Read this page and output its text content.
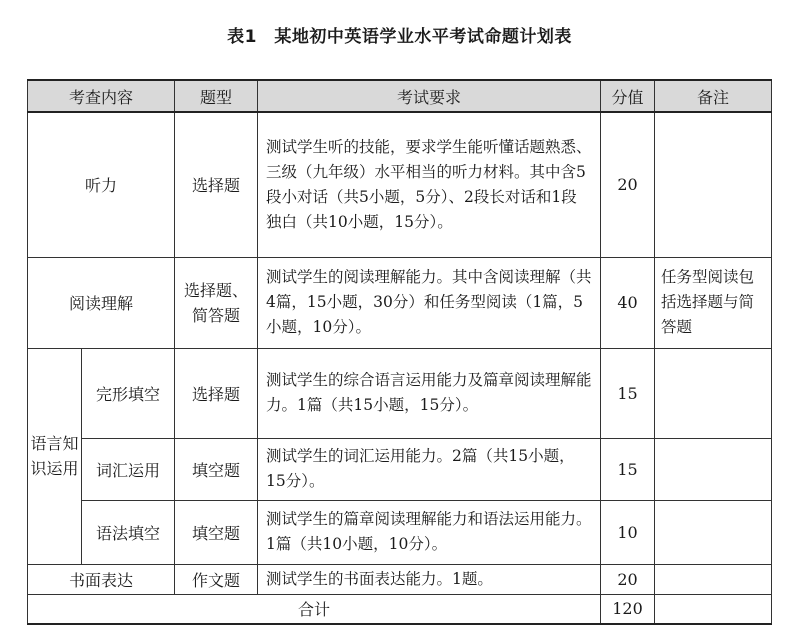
表1　某地初中英语学业水平考试命题计划表
考查内容		题型	考试要求	分值	备注
听力		选择题	测试学生听的技能，要求学生能听懂话题熟悉、三级（九年级）水平相当的听力材料。其中含5段小对话（共5小题，5分）、2段长对话和1段独白（共10小题，15分）。	20	
阅读理解		选择题、简答题	测试学生的阅读理解能力。其中含阅读理解（共4篇，15小题，30分）和任务型阅读（1篇，5小题，10分）。	40	任务型阅读包括选择题与简答题
语言知识运用	完形填空	选择题	测试学生的综合语言运用能力及篇章阅读理解能力。1篇（共15小题，15分）。	15	
	词汇运用	填空题	测试学生的词汇运用能力。2篇（共15小题，15分）。	15	
	语法填空	填空题	测试学生的篇章阅读理解能力和语法运用能力。1篇（共10小题，10分）。	10	
书面表达		作文题	测试学生的书面表达能力。1题。	20	
合计				120	
